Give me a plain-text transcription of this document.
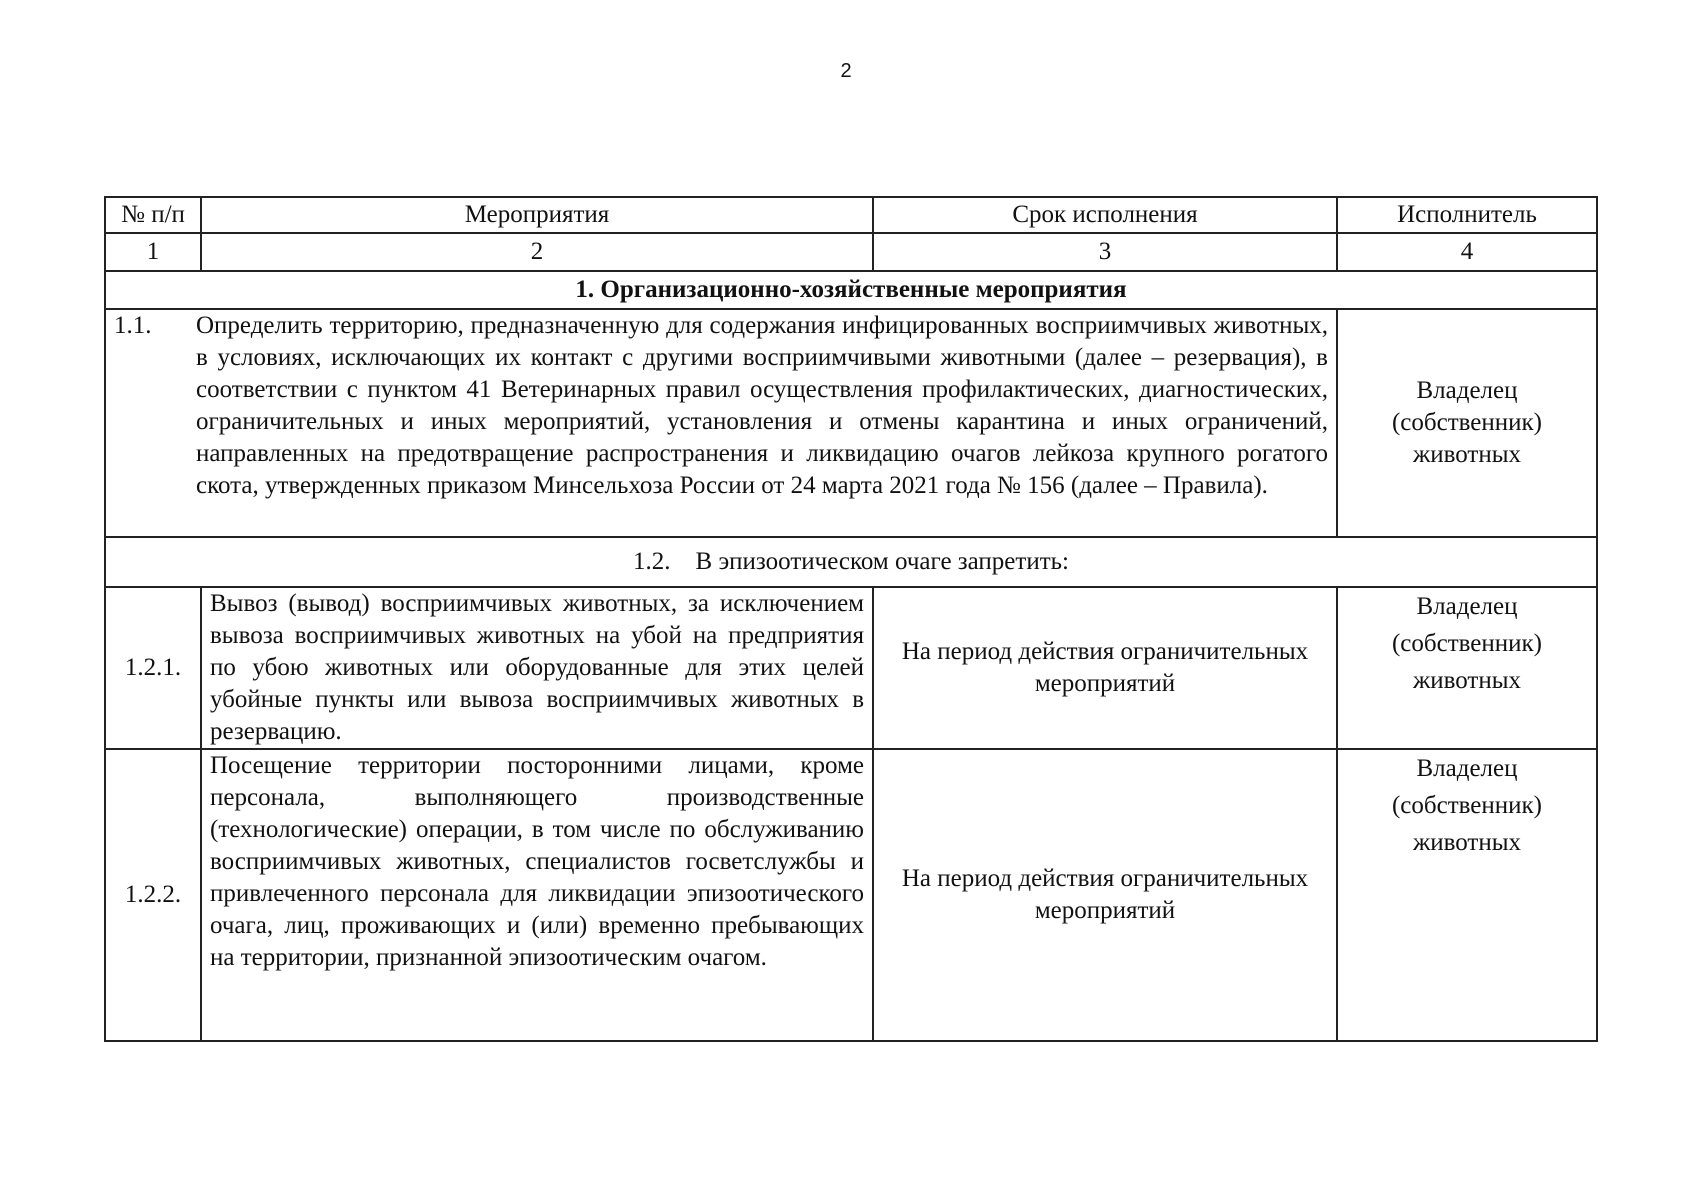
2
№ п/п	Мероприятия	Срок исполнения	Исполнитель
1	2	3	4
1. Организационно-хозяйственные мероприятия			

1.1. Определить территорию, предназначенную для содержания инфицированных восприимчивых животных, в условиях, исключающих их контакт с другими восприимчивыми животными (далее – резервация), в соответствии с пунктом 41 Ветеринарных правил осуществления профилактических, диагностических, ограничительных и иных мероприятий, установления и отмены карантина и иных ограничений, направленных на предотвращение распространения и ликвидацию очагов лейкоза крупного рогатого скота, утвержденных приказом Минсельхоза России от 24 марта 2021 года № 156 (далее – Правила).			Владелец (собственник) животных
1.2.    В эпизоотическом очаге запретить:			
1.2.1.	Вывоз (вывод) восприимчивых животных, за исключением вывоза восприимчивых животных на убой на предприятия по убою животных или оборудованные для этих целей убойные пункты или вывоза восприимчивых животных в резервацию.	На период действия ограничительных мероприятий	Владелец (собственник) животных
1.2.2.	Посещение территории посторонними лицами, кроме персонала, выполняющего производственные (технологические) операции, в том числе по обслуживанию восприимчивых животных, специалистов госветслужбы и привлеченного персонала для ликвидации эпизоотического очага, лиц, проживающих и (или) временно пребывающих на территории, признанной эпизоотическим очагом.	На период действия ограничительных мероприятий	Владелец (собственник) животных
